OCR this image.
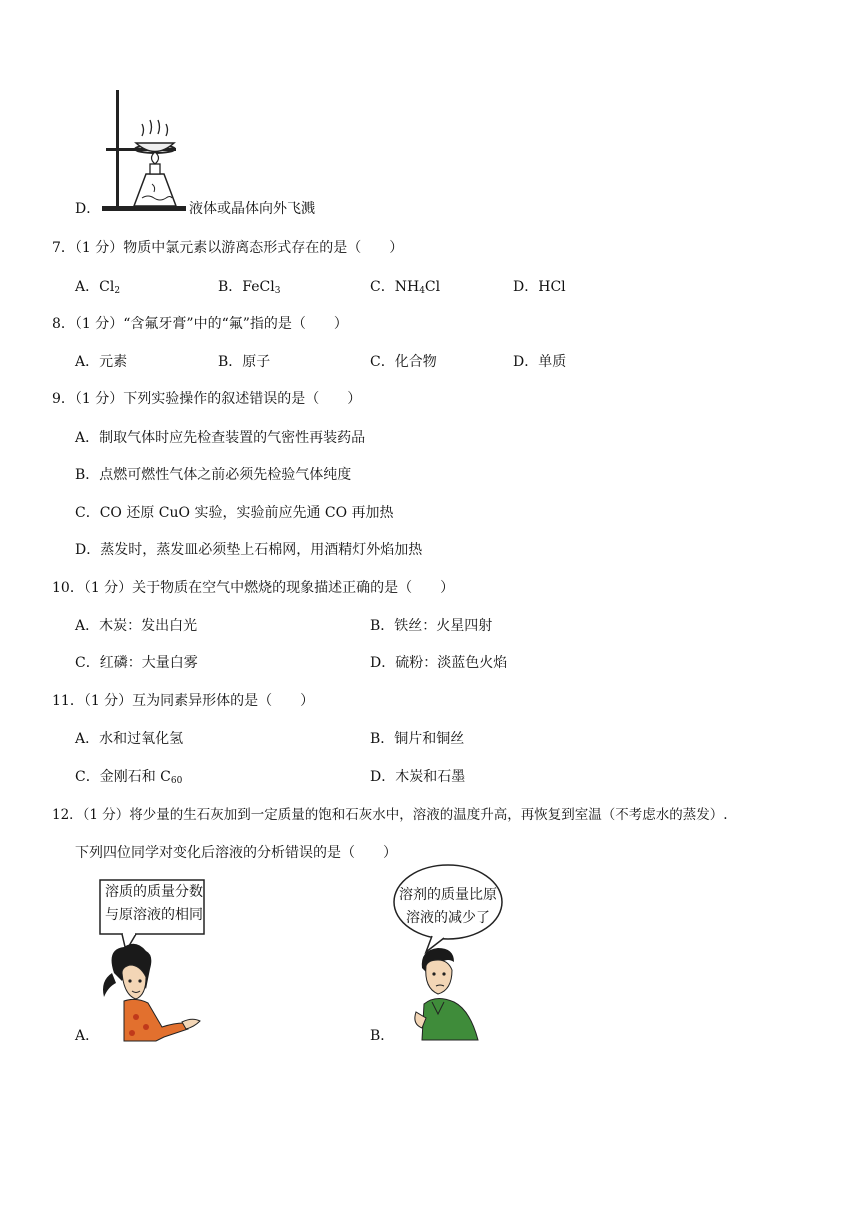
D．	液体或晶体向外飞溅
7．（1 分）物质中氯元素以游离态形式存在的是（　　）
A．$Cl_2$	B．FeCl$_3$	C．$NH_4Cl$	D．HCl
8．（1 分）“含氟牙膏”中的“氟”指的是（　　）
A．元素	B．原子	C．化合物	D．单质
9．（1 分）下列实验操作的叙述错误的是（　　）
A．制取气体时应先检查装置的气密性再装药品
B．点燃可燃性气体之前必须先检验气体纯度
C．CO 还原 CuO 实验，实验前应先通 CO 再加热
D．蒸发时，蒸发皿必须垫上石棉网，用酒精灯外焰加热
10．（1 分）关于物质在空气中燃烧的现象描述正确的是（　　）
A．木炭：发出白光	B．铁丝：火星四射
C．红磷：大量白雾	D．硫粉：淡蓝色火焰
11．（1 分）互为同素异形体的是（　　）
A．水和过氧化氢	B．铜片和铜丝
C．金刚石和 $C_{60}$	D．木炭和石墨
12．（1 分）将少量的生石灰加到一定质量的饱和石灰水中，溶液的温度升高，再恢复到室温（不考虑水的蒸发）.
下列四位同学对变化后溶液的分析错误的是（　　）
溶质的质量分数
与原溶液的相同
A．
溶剂的质量比原
溶液的减少了
B．
